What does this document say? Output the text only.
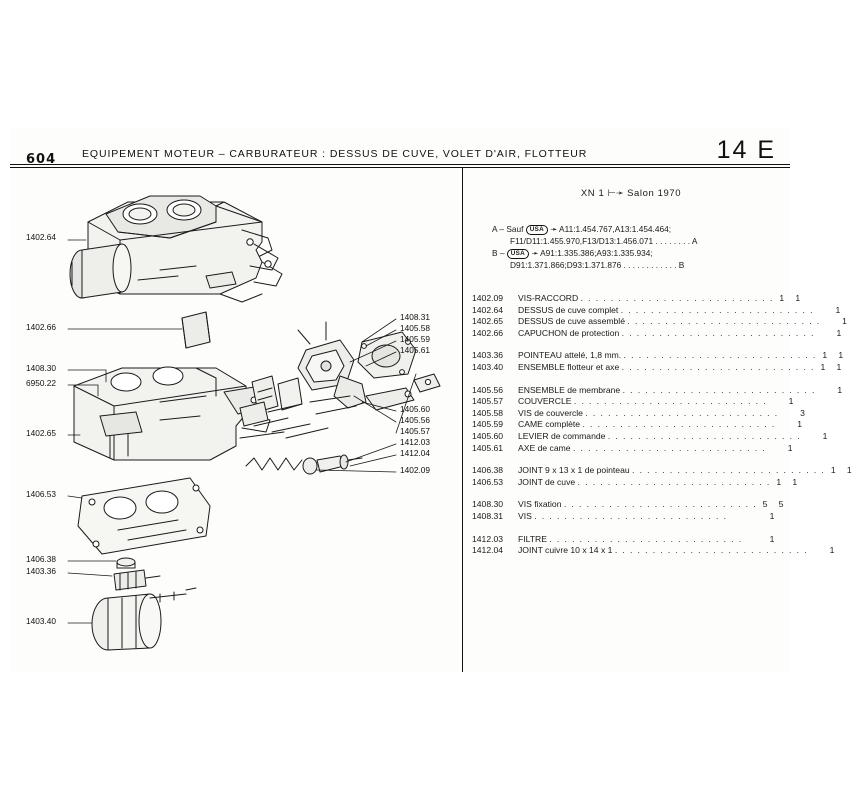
604 EQUIPEMENT MOTEUR – CARBURATEUR : DESSUS DE CUVE, VOLET D'AIR, FLOTTEUR	14 E
1402.64
1402.66
1408.30
6950.22
1402.65
1406.53
1406.38
1403.36
1403.40
1408.31
1405.58
1405.59
1405.61
1405.60
1405.56
1405.57
1412.03
1412.04
1402.09
XN 1 ⊢➛ Salon 1970
A – Sauf USA ➛ A11:1.454.767,A13:1.454.464;
F11/D11:1.455.970,F13/D13:1.456.071 . . . . . . . . A
B – USA ➛ A91:1.335.386;A93:1.335.934;
D91:1.371.866;D93:1.371.876 . . . . . . . . . . . . B
1402.09	VIS-RACCORD . . . . . . . . . . . . . . . . . . . . . . . . . . 1	1
1402.64	DESSUS de cuve complet . . . . . . . . . . . . . . . . . . . . . . . . . .	1
1402.65	DESSUS de cuve assemblé . . . . . . . . . . . . . . . . . . . . . . . . . .	1
1402.66	CAPUCHON de protection . . . . . . . . . . . . . . . . . . . . . . . . . .	1
1403.36	POINTEAU attelé, 1,8 mm. . . . . . . . . . . . . . . . . . . . . . . . . . . 1	1
1403.40	ENSEMBLE flotteur et axe . . . . . . . . . . . . . . . . . . . . . . . . . . 1	1
1405.56	ENSEMBLE de membrane . . . . . . . . . . . . . . . . . . . . . . . . . .	1
1405.57	COUVERCLE . . . . . . . . . . . . . . . . . . . . . . . . . .	1
1405.58	VIS de couvercle . . . . . . . . . . . . . . . . . . . . . . . . . .	3
1405.59	CAME complète . . . . . . . . . . . . . . . . . . . . . . . . . .	1
1405.60	LEVIER de commande . . . . . . . . . . . . . . . . . . . . . . . . . .	1
1405.61	AXE de came . . . . . . . . . . . . . . . . . . . . . . . . . .	1
1406.38	JOINT 9 x 13 x 1 de pointeau . . . . . . . . . . . . . . . . . . . . . . . . . . 1	1
1406.53	JOINT de cuve . . . . . . . . . . . . . . . . . . . . . . . . . . 1	1
1408.30	VIS fixation . . . . . . . . . . . . . . . . . . . . . . . . . . 5	5
1408.31	VIS . . . . . . . . . . . . . . . . . . . . . . . . . .	1
1412.03	FILTRE . . . . . . . . . . . . . . . . . . . . . . . . . .	1
1412.04	JOINT cuivre 10 x 14 x 1 . . . . . . . . . . . . . . . . . . . . . . . . . .	1
